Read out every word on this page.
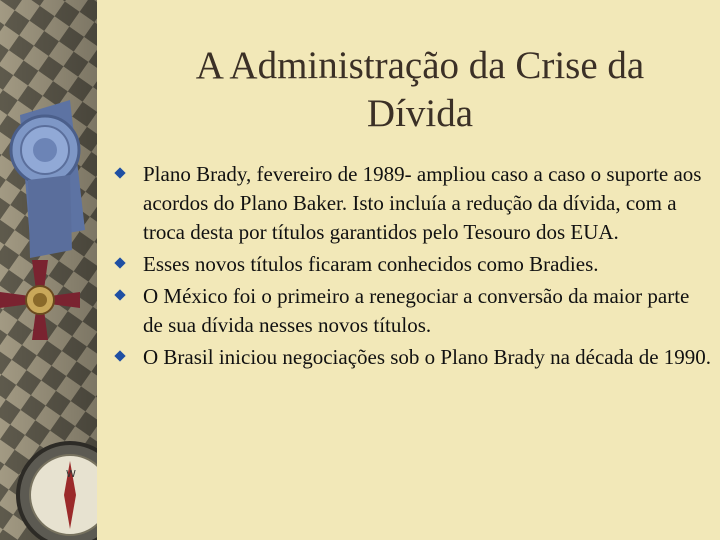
W
A Administração da Crise da
Dívida
Plano Brady, fevereiro de 1989- ampliou caso a caso o suporte aos acordos do Plano Baker. Isto incluía a redução da dívida, com a troca desta por títulos garantidos pelo Tesouro dos EUA.
Esses novos títulos ficaram conhecidos como Bradies.
O México foi o primeiro a renegociar a conversão da maior parte de sua dívida nesses novos títulos.
O Brasil iniciou negociações sob o Plano Brady na década de 1990.
